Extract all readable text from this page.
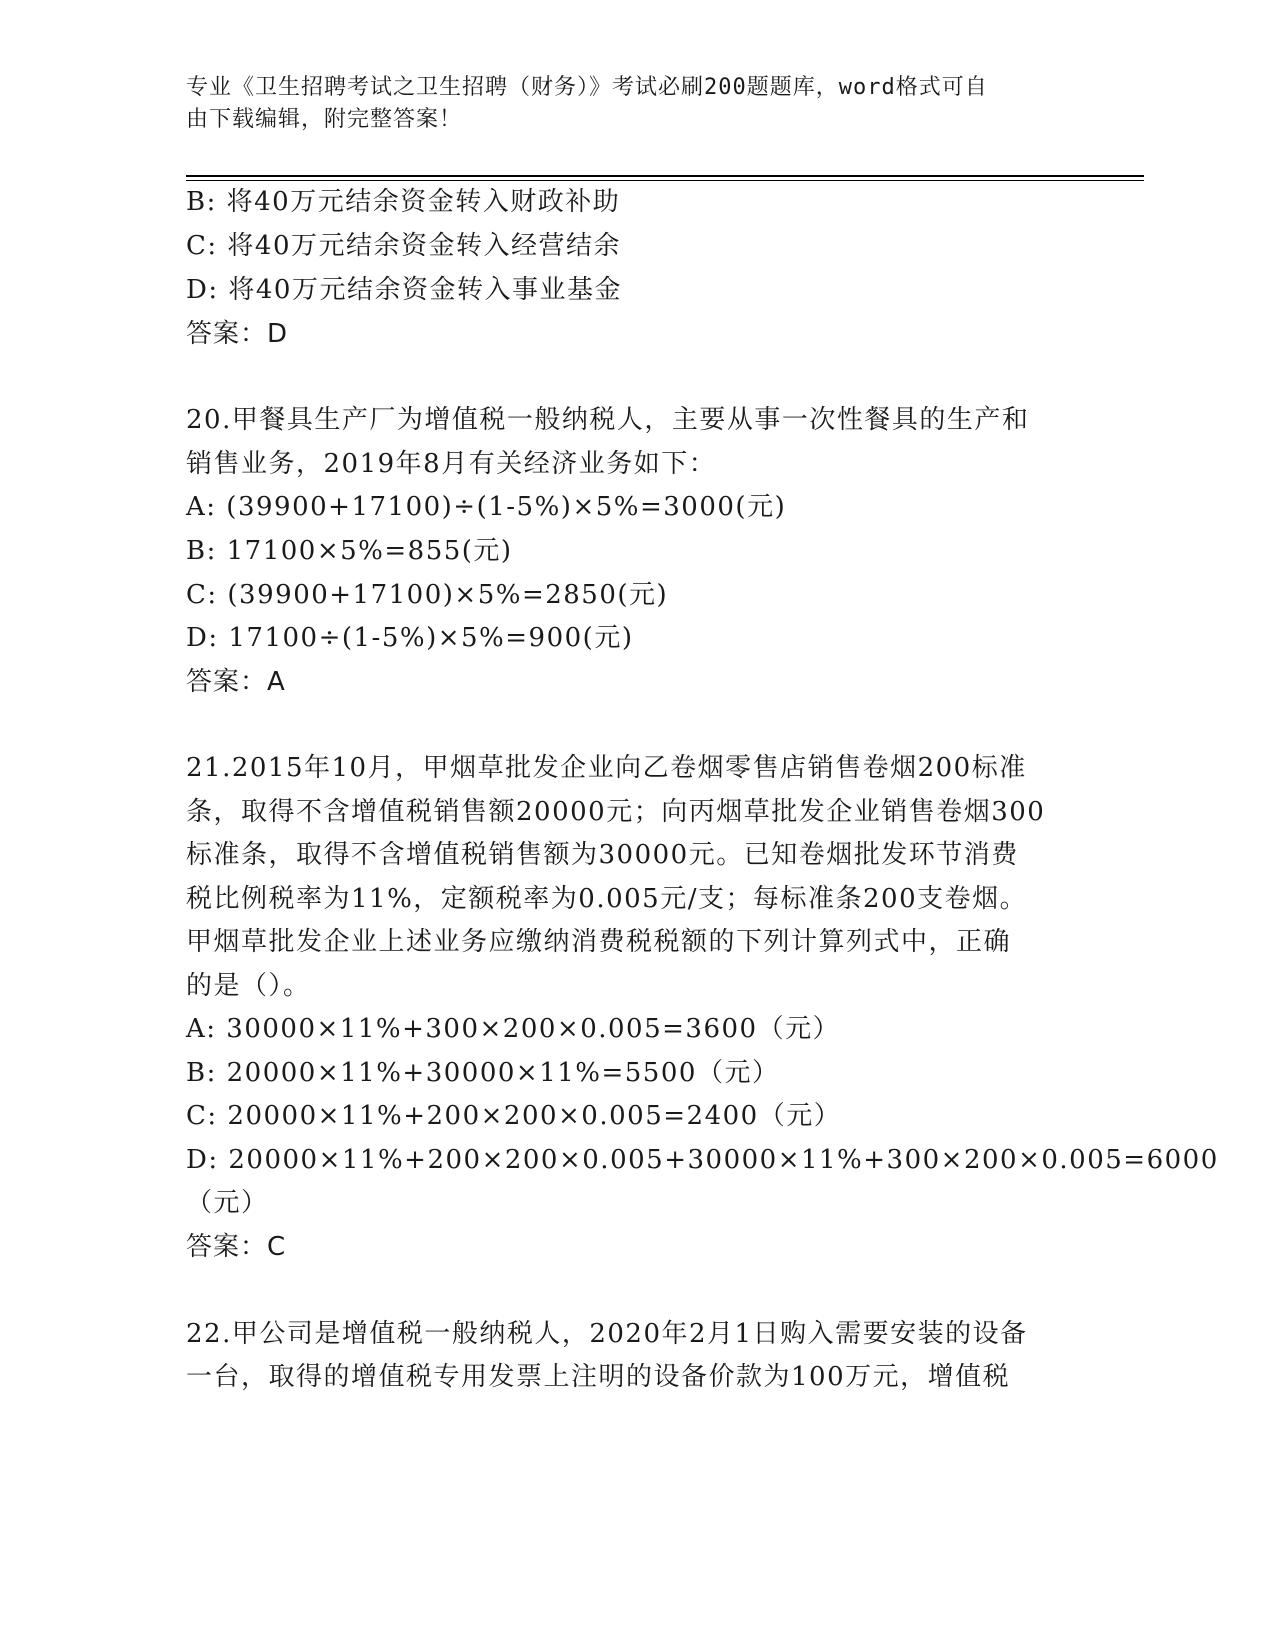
专业《卫生招聘考试之卫生招聘（财务）》考试必刷200题题库，word格式可自
由下载编辑，附完整答案！
B: 将40万元结余资金转入财政补助
C: 将40万元结余资金转入经营结余
D: 将40万元结余资金转入事业基金
答案：D
20.甲餐具生产厂为增值税一般纳税人，主要从事一次性餐具的生产和
销售业务，2019年8月有关经济业务如下：
A: (39900+17100)÷(1-5%)×5%=3000(元)
B: 17100×5%=855(元)
C: (39900+17100)×5%=2850(元)
D: 17100÷(1-5%)×5%=900(元)
答案：A
21.2015年10月，甲烟草批发企业向乙卷烟零售店销售卷烟200标准
条，取得不含增值税销售额20000元；向丙烟草批发企业销售卷烟300
标准条，取得不含增值税销售额为30000元。已知卷烟批发环节消费
税比例税率为11%，定额税率为0.005元/支；每标准条200支卷烟。
甲烟草批发企业上述业务应缴纳消费税税额的下列计算列式中，正确
的是（）。
A: 30000×11%+300×200×0.005=3600（元）
B: 20000×11%+30000×11%=5500（元）
C: 20000×11%+200×200×0.005=2400（元）
D: 20000×11%+200×200×0.005+30000×11%+300×200×0.005=6000
（元）
答案：C
22.甲公司是增值税一般纳税人，2020年2月1日购入需要安装的设备
一台，取得的增值税专用发票上注明的设备价款为100万元，增值税
